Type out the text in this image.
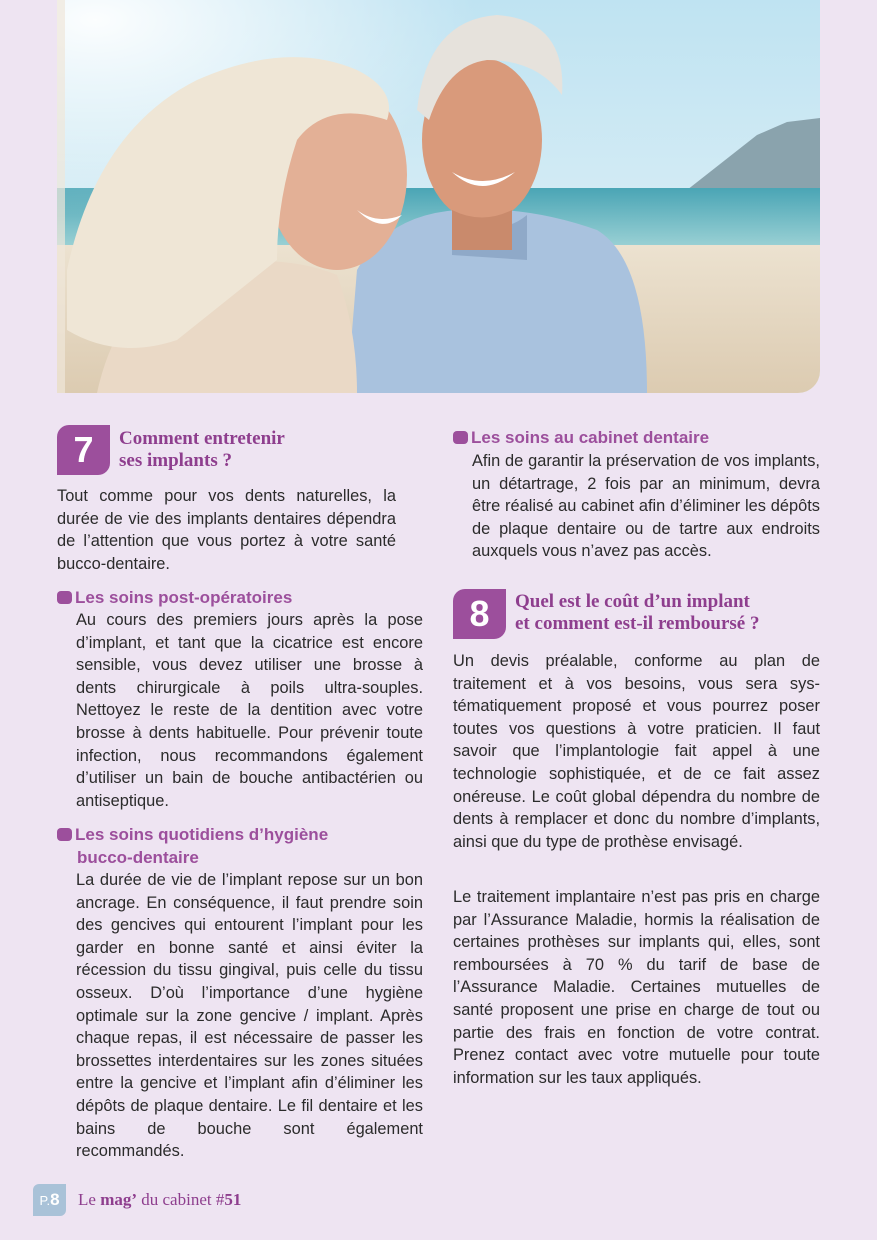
7	Comment entretenir
ses implants ?

Tout comme pour vos dents naturelles, la durée de vie des implants dentaires dépendra de l’attention que vous portez à votre santé bucco-dentaire.

Les soins post-opératoires

Au cours des premiers jours après la pose d’implant, et tant que la cicatrice est encore sensible, vous devez utiliser une brosse à dents chirurgicale à poils ultra-souples. Nettoyez le reste de la dentition avec votre brosse à dents habituelle. Pour prévenir toute infection, nous recommandons également d’utiliser un bain de bouche antibactérien ou antiseptique.

Les soins quotidiens d’hygiène
bucco-dentaire

La durée de vie de l’implant repose sur un bon ancrage. En conséquence, il faut prendre soin des gencives qui entourent l’implant pour les garder en bonne santé et ainsi éviter la récession du tissu gingival, puis celle du tissu osseux. D’où l’importance d’une hygiène optimale sur la zone gencive / implant. Après chaque repas, il est nécessaire de passer les brossettes interdentaires sur les zones situées entre la gencive et l’implant afin d’éliminer les dépôts de plaque dentaire. Le fil dentaire et les bains de bouche sont également recommandés.

Les soins au cabinet dentaire

Afin de garantir la préservation de vos implants, un détartrage, 2 fois par an minimum, devra être réalisé au cabinet afin d’éliminer les dépôts de plaque dentaire ou de tartre aux endroits auxquels vous n’avez pas accès.

8	Quel est le coût d’un implant
et comment est-il remboursé ?

Un devis préalable, conforme au plan de traitement et à vos besoins, vous sera systématiquement proposé et vous pourrez poser toutes vos questions à votre praticien. Il faut savoir que l’implantologie fait appel à une technologie sophistiquée, et de ce fait assez onéreuse. Le coût global dépendra du nombre de dents à remplacer et donc du nombre d’implants, ainsi que du type de prothèse envisagé.

Le traitement implantaire n’est pas pris en charge par l’Assurance Maladie, hormis la réalisation de certaines prothèses sur implants qui, elles, sont remboursées à 70 % du tarif de base de l’Assurance Maladie. Certaines mutuelles de santé proposent une prise en charge de tout ou partie des frais en fonction de votre contrat. Prenez contact avec votre mutuelle pour toute information sur les taux appliqués.

P. 8 Le mag’ du cabinet #51
